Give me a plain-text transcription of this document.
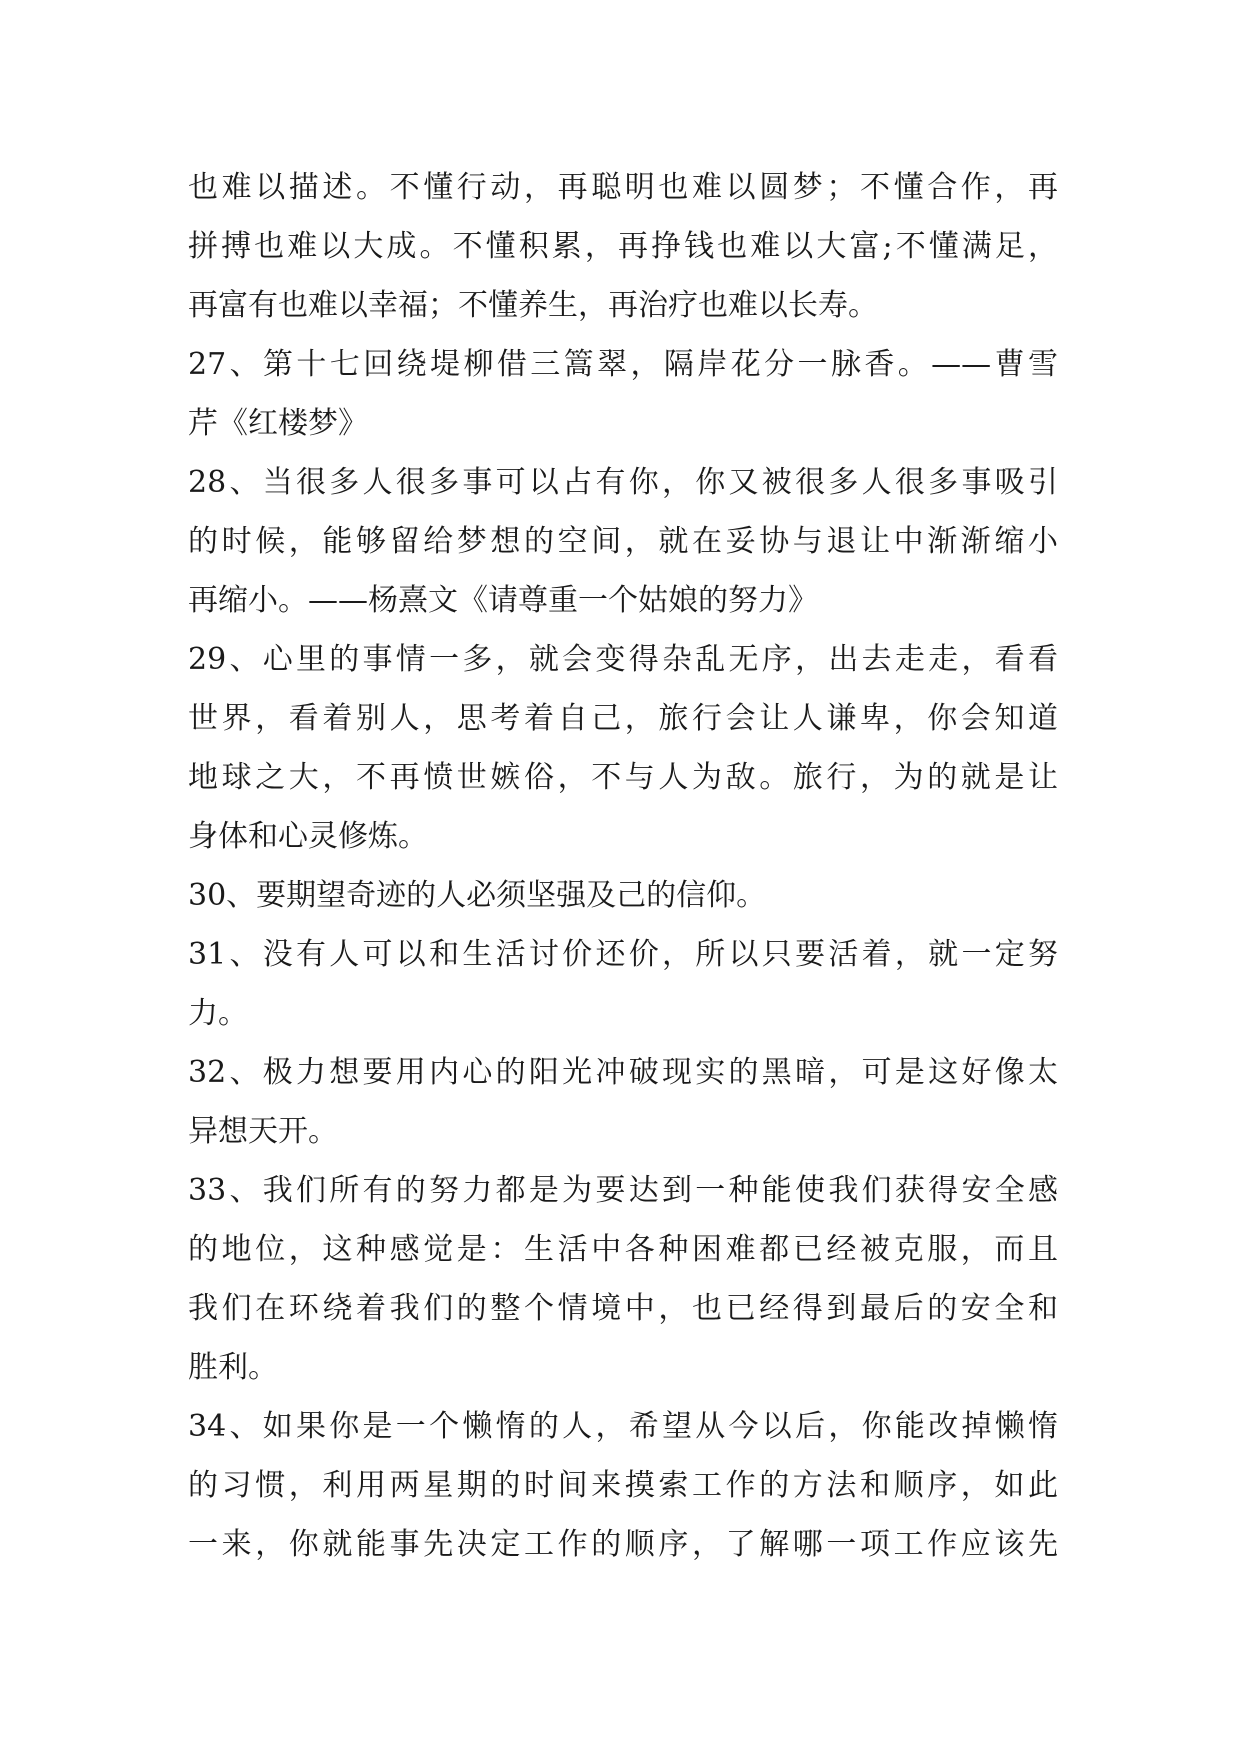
也难以描述。不懂行动，再聪明也难以圆梦；不懂合作，再
拼搏也难以大成。不懂积累，再挣钱也难以大富;不懂满足，
再富有也难以幸福；不懂养生，再治疗也难以长寿。
27、第十七回绕堤柳借三篙翠，隔岸花分一脉香。——曹雪
芹《红楼梦》
28、当很多人很多事可以占有你，你又被很多人很多事吸引
的时候，能够留给梦想的空间，就在妥协与退让中渐渐缩小
再缩小。——杨熹文《请尊重一个姑娘的努力》
29、心里的事情一多，就会变得杂乱无序，出去走走，看看
世界，看着别人，思考着自己，旅行会让人谦卑，你会知道
地球之大，不再愤世嫉俗，不与人为敌。旅行，为的就是让
身体和心灵修炼。
30、要期望奇迹的人必须坚强及己的信仰。
31、没有人可以和生活讨价还价，所以只要活着，就一定努
力。
32、极力想要用内心的阳光冲破现实的黑暗，可是这好像太
异想天开。
33、我们所有的努力都是为要达到一种能使我们获得安全感
的地位，这种感觉是：生活中各种困难都已经被克服，而且
我们在环绕着我们的整个情境中，也已经得到最后的安全和
胜利。
34、如果你是一个懒惰的人，希望从今以后，你能改掉懒惰
的习惯，利用两星期的时间来摸索工作的方法和顺序，如此
一来，你就能事先决定工作的顺序，了解哪一项工作应该先
